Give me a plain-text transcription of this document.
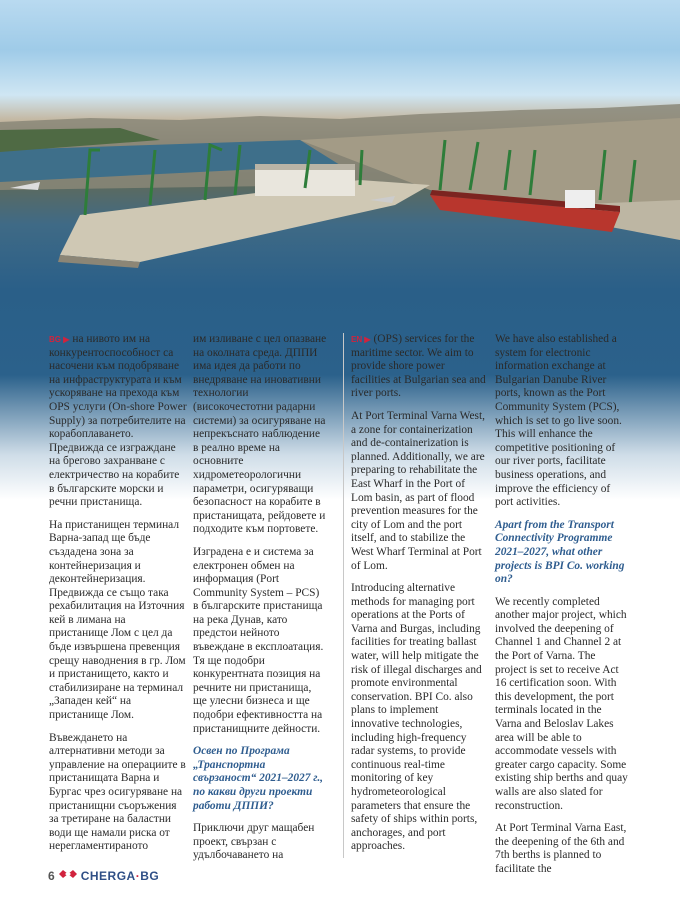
BG ▶ на нивото им на конкурентоспособност са насочени към подобряване на инфраструктурата и към ускоряване на прехода към OPS услуги (On-shore Power Supply) за потребителите на корабоплаването. Предвижда се изграждане на брегово захранване с електричество на корабите в българските морски и речни пристанища.

На пристанищен терминал Варна-запад ще бъде създадена зона за контейнеризация и деконтейнеризация. Предвижда се също така рехабилитация на Източния кей в лимана на пристанище Лом с цел да бъде извършена превенция срещу наводнения в гр. Лом и пристанището, както и стабилизиране на терминал „Западен кей“ на пристанище Лом.

Въвеждането на алтернативни методи за управление на операциите в пристанищата Варна и Бургас чрез осигуряване на пристанищни съоръжения за третиране на баластни води ще намали риска от нерегламентираното

им изливане с цел опазване на околната среда. ДППИ има идея да работи по внедряване на иновативни технологии (високочестотни радарни системи) за осигуряване на непрекъснато наблюдение в реално време на основните хидрометеорологични параметри, осигуряващи безопасност на корабите в пристанищата, рейдовете и подходите към портовете.

Изградена е и система за електронен обмен на информация (Port Community System – PCS) в българските пристанища на река Дунав, като предстои нейното въвеждане в експлоатация. Тя ще подобри конкурентната позиция на речните ни пристанища, ще улесни бизнеса и ще подобри ефективността на пристанищните дейности.

Освен по Програма „Транспортна свързаност“ 2021–2027 г., по какви други проекти работи ДППИ?

Приключи друг мащабен проект, свързан с удълбочаването на

EN ▶ (OPS) services for the maritime sector. We aim to provide shore power facilities at Bulgarian sea and river ports.

At Port Terminal Varna West, a zone for containerization and de-containerization is planned. Additionally, we are preparing to rehabilitate the East Wharf in the Port of Lom basin, as part of flood prevention measures for the city of Lom and the port itself, and to stabilize the West Wharf Terminal at Port of Lom.

Introducing alternative methods for managing port operations at the Ports of Varna and Burgas, including facilities for treating ballast water, will help mitigate the risk of illegal discharges and promote environmental conservation. BPI Co. also plans to implement innovative technologies, including high-frequency radar systems, to provide continuous real-time monitoring of key hydrometeorological parameters that ensure the safety of ships within ports, anchorages, and port approaches.

We have also established a system for electronic information exchange at Bulgarian Danube River ports, known as the Port Community System (PCS), which is set to go live soon. This will enhance the competitive positioning of our river ports, facilitate business operations, and improve the efficiency of port activities.

Apart from the Transport Connectivity Programme 2021–2027, what other projects is BPI Co. working on?

We recently completed another major project, which involved the deepening of Channel 1 and Channel 2 at the Port of Varna. The project is set to receive Act 16 certification soon. With this development, the port terminals located in the Varna and Beloslav Lakes area will be able to accommodate vessels with greater cargo capacity. Some existing ship berths and quay walls are also slated for reconstruction.

At Port Terminal Varna East, the deepening of the 6th and 7th berths is planned to facilitate the

6 CHERGA·BG
